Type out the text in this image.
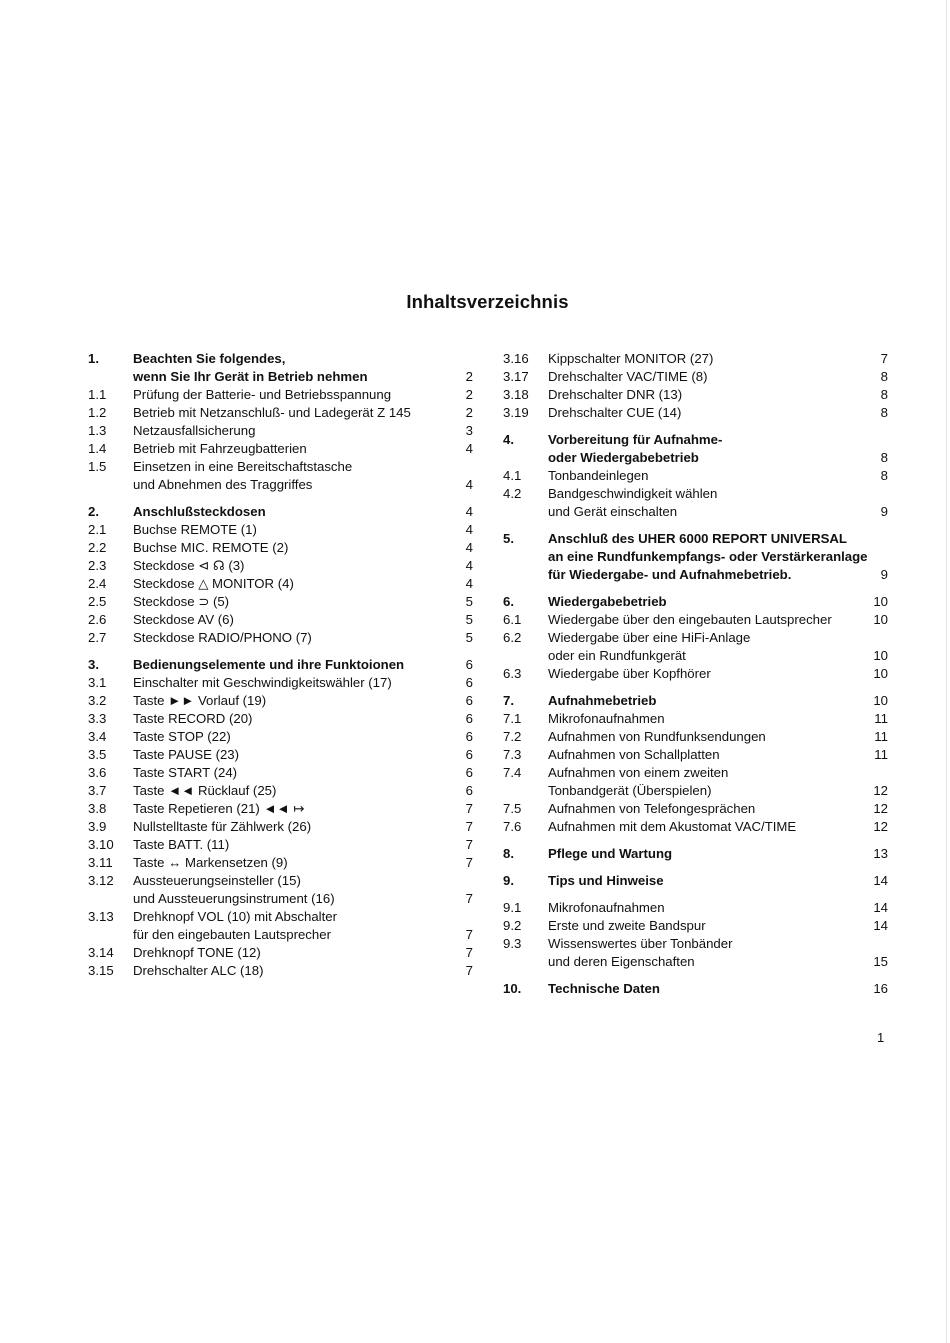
Inhaltsverzeichnis
1.	Beachten Sie folgendes,
wenn Sie Ihr Gerät in Betrieb nehmen	2
1.1 Prüfung der Batterie- und Betriebsspannung	2
1.2 Betrieb mit Netzanschluß- und Ladegerät Z 145	2
1.3 Netzausfallsicherung	3
1.4 Betrieb mit Fahrzeugbatterien	4
1.5 Einsetzen in eine Bereitschaftstasche
und Abnehmen des Traggriffes	4
2.	Anschlußsteckdosen	4
2.1 Buchse REMOTE (1)	4
2.2 Buchse MIC. REMOTE (2)	4
2.3 Steckdose ⊲ ☊ (3)	4
2.4 Steckdose △ MONITOR (4)	4
2.5 Steckdose ⊃ (5)	5
2.6 Steckdose AV (6)	5
2.7 Steckdose RADIO/PHONO (7)	5
3.	Bedienungselemente und ihre Funktoionen	6
3.1 Einschalter mit Geschwindigkeitswähler (17)	6
3.2 Taste ►► Vorlauf (19)	6
3.3 Taste RECORD (20)	6
3.4 Taste STOP (22)	6
3.5 Taste PAUSE (23)	6
3.6 Taste START (24)	6
3.7 Taste ◄◄ Rücklauf (25)	6
3.8 Taste Repetieren (21) ◄◄ ↦	7
3.9 Nullstelltaste für Zählwerk (26)	7
3.10 Taste BATT. (11)	7
3.11 Taste ↔ Markensetzen (9)	7
3.12 Aussteuerungseinsteller (15)
und Aussteuerungsinstrument (16)	7
3.13 Drehknopf VOL (10) mit Abschalter
für den eingebauten Lautsprecher	7
3.14 Drehknopf TONE (12)	7
3.15 Drehschalter ALC (18)	7
3.16 Kippschalter MONITOR (27)	7
3.17 Drehschalter VAC/TIME (8)	8
3.18 Drehschalter DNR (13)	8
3.19 Drehschalter CUE (14)	8
4.	Vorbereitung für Aufnahme-
oder Wiedergabebetrieb	8
4.1 Tonbandeinlegen	8
4.2 Bandgeschwindigkeit wählen
und Gerät einschalten	9
5.	Anschluß des UHER 6000 REPORT UNIVERSAL
an eine Rundfunkempfangs- oder Verstärkeranlage
für Wiedergabe- und Aufnahmebetrieb.	9
6.	Wiedergabebetrieb	10
6.1 Wiedergabe über den eingebauten Lautsprecher	10
6.2 Wiedergabe über eine HiFi-Anlage
oder ein Rundfunkgerät	10
6.3 Wiedergabe über Kopfhörer	10
7.	Aufnahmebetrieb	10
7.1 Mikrofonaufnahmen	11
7.2 Aufnahmen von Rundfunksendungen	11
7.3 Aufnahmen von Schallplatten	11
7.4 Aufnahmen von einem zweiten
Tonbandgerät (Überspielen)	12
7.5 Aufnahmen von Telefongesprächen	12
7.6 Aufnahmen mit dem Akustomat VAC/TIME	12
8.	Pflege und Wartung	13
9.	Tips und Hinweise	14
9.1 Mikrofonaufnahmen	14
9.2 Erste und zweite Bandspur	14
9.3 Wissenswertes über Tonbänder
und deren Eigenschaften	15
10. Technische Daten	16
1
